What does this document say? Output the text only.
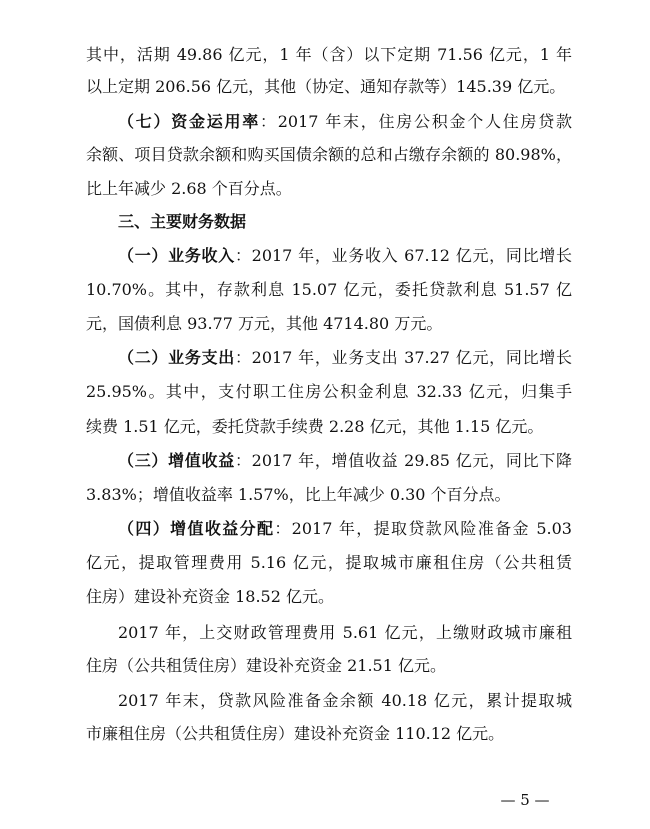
其中，活期 49.86 亿元，1 年（含）以下定期 71.56 亿元，1 年
以上定期 206.56 亿元，其他（协定、通知存款等）145.39 亿元。
（七）资金运用率：2017 年末，住房公积金个人住房贷款
余额、项目贷款余额和购买国债余额的总和占缴存余额的 80.98%，
比上年减少 2.68 个百分点。
三、主要财务数据
（一）业务收入：2017 年，业务收入 67.12 亿元，同比增长
10.70%。其中，存款利息 15.07 亿元，委托贷款利息 51.57 亿
元，国债利息 93.77 万元，其他 4714.80 万元。
（二）业务支出：2017 年，业务支出 37.27 亿元，同比增长
25.95%。其中，支付职工住房公积金利息 32.33 亿元，归集手
续费 1.51 亿元，委托贷款手续费 2.28 亿元，其他 1.15 亿元。
（三）增值收益：2017 年，增值收益 29.85 亿元，同比下降
3.83%；增值收益率 1.57%，比上年减少 0.30 个百分点。
（四）增值收益分配：2017 年，提取贷款风险准备金 5.03
亿元，提取管理费用 5.16 亿元，提取城市廉租住房（公共租赁
住房）建设补充资金 18.52 亿元。
2017 年，上交财政管理费用 5.61 亿元，上缴财政城市廉租
住房（公共租赁住房）建设补充资金 21.51 亿元。
2017 年末，贷款风险准备金余额 40.18 亿元，累计提取城
市廉租住房（公共租赁住房）建设补充资金 110.12 亿元。
— 5 —
